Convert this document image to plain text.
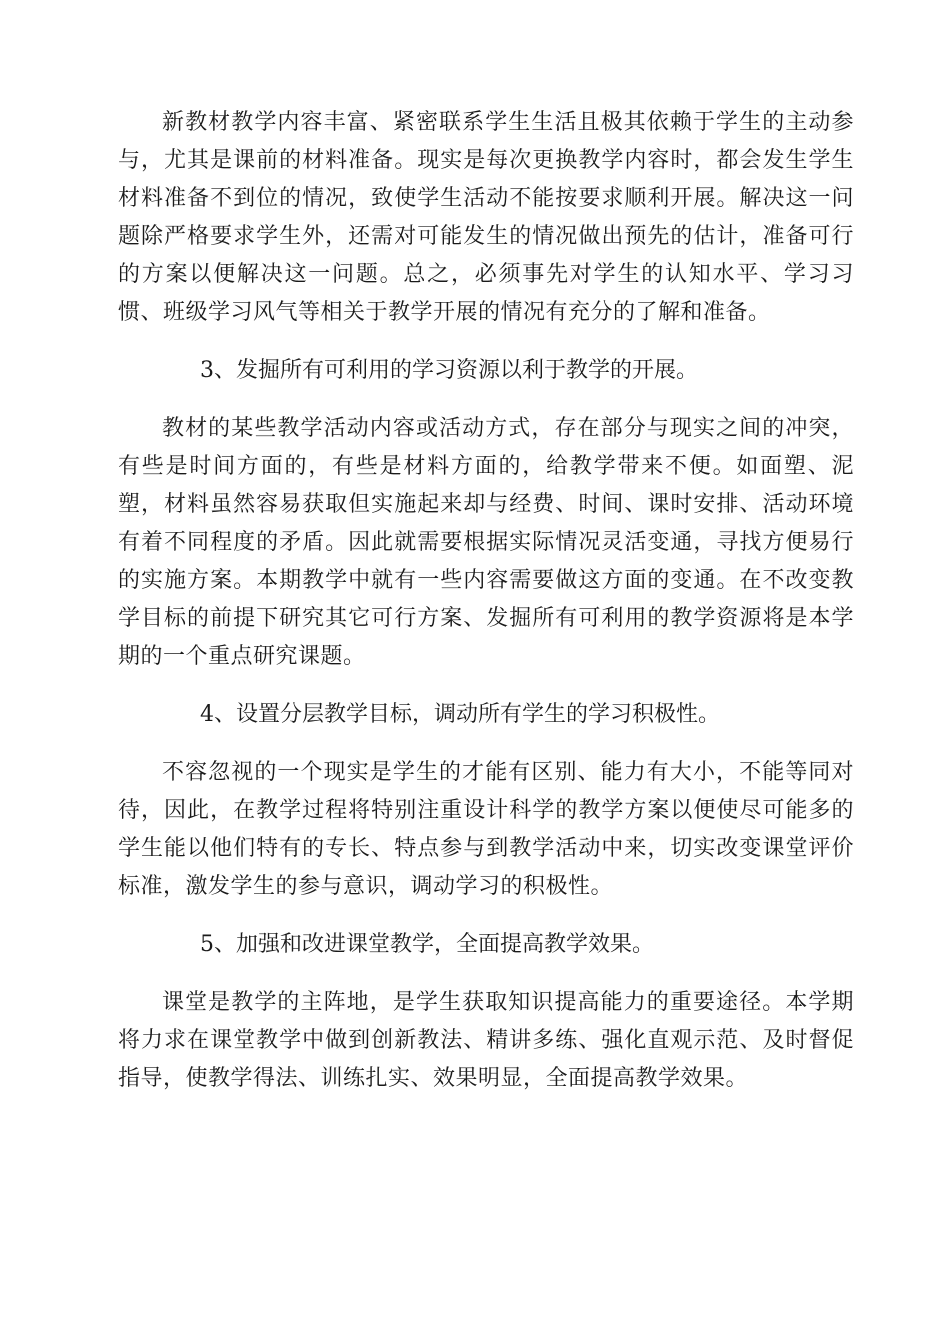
新教材教学内容丰富、紧密联系学生生活且极其依赖于学生的主动参与，尤其是课前的材料准备。现实是每次更换教学内容时，都会发生学生材料准备不到位的情况，致使学生活动不能按要求顺利开展。解决这一问题除严格要求学生外，还需对可能发生的情况做出预先的估计，准备可行的方案以便解决这一问题。总之，必须事先对学生的认知水平、学习习惯、班级学习风气等相关于教学开展的情况有充分的了解和准备。

3、发掘所有可利用的学习资源以利于教学的开展。

教材的某些教学活动内容或活动方式，存在部分与现实之间的冲突，有些是时间方面的，有些是材料方面的，给教学带来不便。如面塑、泥塑，材料虽然容易获取但实施起来却与经费、时间、课时安排、活动环境有着不同程度的矛盾。因此就需要根据实际情况灵活变通，寻找方便易行的实施方案。本期教学中就有一些内容需要做这方面的变通。在不改变教学目标的前提下研究其它可行方案、发掘所有可利用的教学资源将是本学期的一个重点研究课题。

4、设置分层教学目标，调动所有学生的学习积极性。

不容忽视的一个现实是学生的才能有区别、能力有大小，不能等同对待，因此，在教学过程将特别注重设计科学的教学方案以便使尽可能多的学生能以他们特有的专长、特点参与到教学活动中来，切实改变课堂评价标准，激发学生的参与意识，调动学习的积极性。

5、加强和改进课堂教学，全面提高教学效果。

课堂是教学的主阵地，是学生获取知识提高能力的重要途径。本学期将力求在课堂教学中做到创新教法、精讲多练、强化直观示范、及时督促指导，使教学得法、训练扎实、效果明显，全面提高教学效果。
